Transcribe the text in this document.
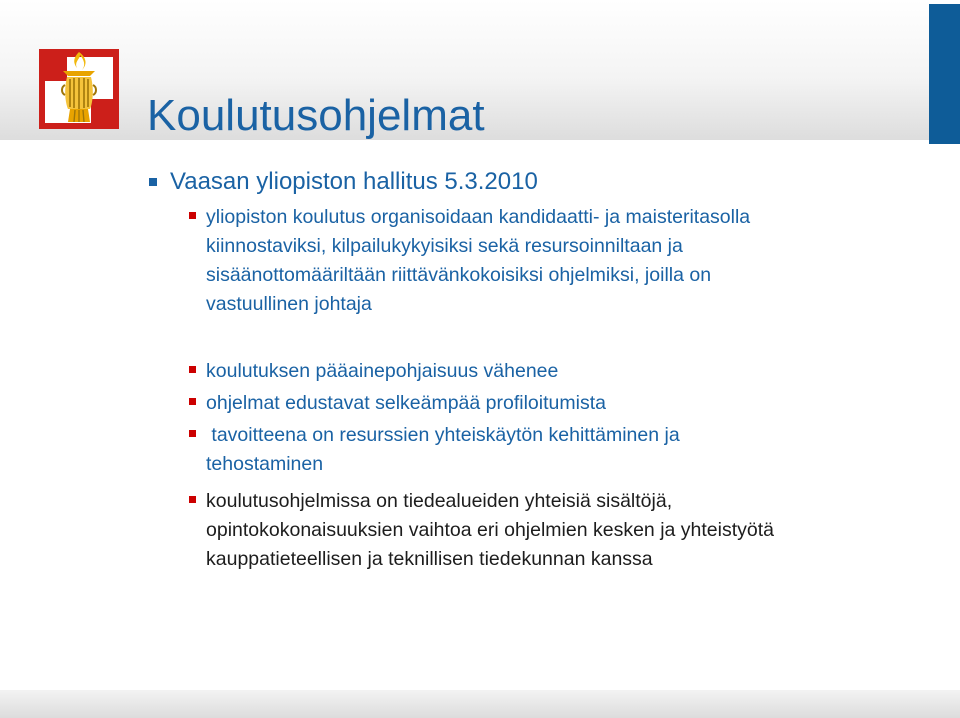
Koulutusohjelmat
Vaasan yliopiston hallitus 5.3.2010
yliopiston koulutus organisoidaan kandidaatti- ja maisteritasolla
kiinnostaviksi, kilpailukykyisiksi sekä resursoinniltaan ja
sisäänottomääriltään riittävänkokoisiksi ohjelmiksi, joilla on
vastuullinen johtaja
koulutuksen pääainepohjaisuus vähenee
ohjelmat edustavat selkeämpää profiloitumista
tavoitteena on resurssien yhteiskäytön kehittäminen ja
tehostaminen
koulutusohjelmissa on tiedealueiden yhteisiä sisältöjä,
opintokokonaisuuksien vaihtoa eri ohjelmien kesken ja yhteistyötä
kauppatieteellisen ja teknillisen tiedekunnan kanssa
